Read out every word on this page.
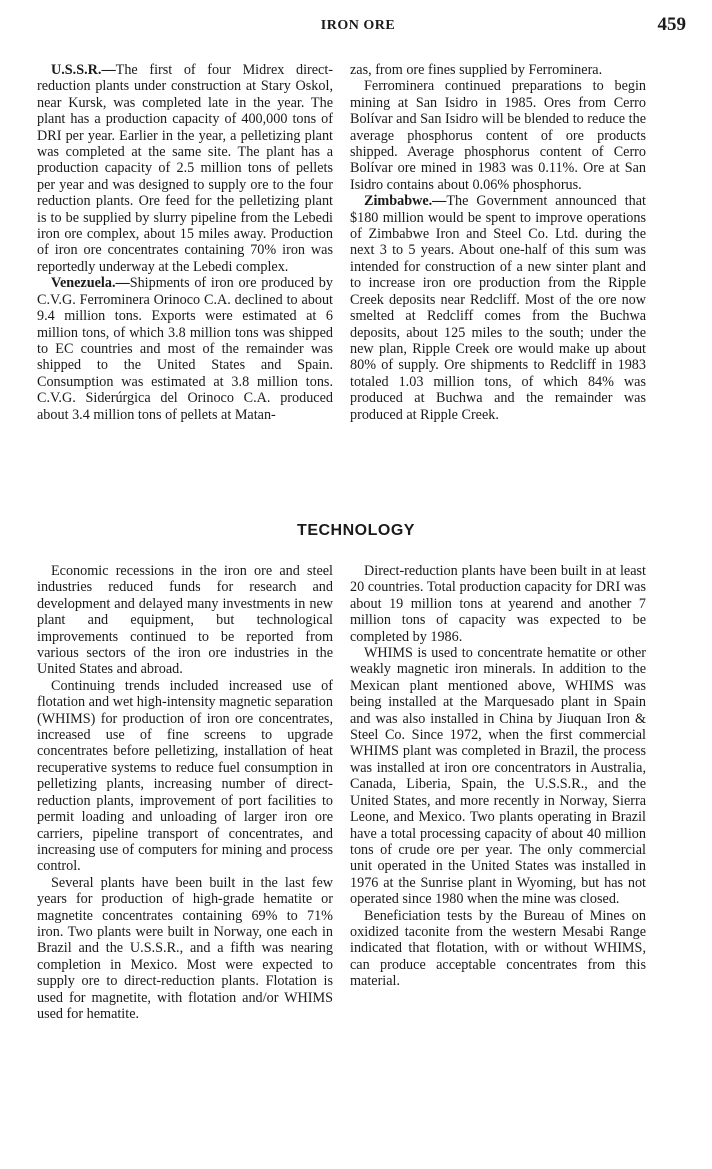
IRON ORE	459

U.S.S.R.—The first of four Midrex direct-reduction plants under construction at Stary Oskol, near Kursk, was completed late in the year. The plant has a production capacity of 400,000 tons of DRI per year. Earlier in the year, a pelletizing plant was completed at the same site. The plant has a production capacity of 2.5 million tons of pellets per year and was designed to supply ore to the four reduction plants. Ore feed for the pelletizing plant is to be supplied by slurry pipeline from the Lebedi iron ore complex, about 15 miles away. Production of iron ore concentrates containing 70% iron was reportedly underway at the Lebedi complex.

Venezuela.—Shipments of iron ore produced by C.V.G. Ferrominera Orinoco C.A. declined to about 9.4 million tons. Exports were estimated at 6 million tons, of which 3.8 million tons was shipped to EC countries and most of the remainder was shipped to the United States and Spain. Consumption was estimated at 3.8 million tons. C.V.G. Siderúrgica del Orinoco C.A. produced about 3.4 million tons of pellets at Matan-

zas, from ore fines supplied by Ferrominera.

Ferrominera continued preparations to begin mining at San Isidro in 1985. Ores from Cerro Bolívar and San Isidro will be blended to reduce the average phosphorus content of ore products shipped. Average phosphorus content of Cerro Bolívar ore mined in 1983 was 0.11%. Ore at San Isidro contains about 0.06% phosphorus.

Zimbabwe.—The Government announced that $180 million would be spent to improve operations of Zimbabwe Iron and Steel Co. Ltd. during the next 3 to 5 years. About one-half of this sum was intended for construction of a new sinter plant and to increase iron ore production from the Ripple Creek deposits near Redcliff. Most of the ore now smelted at Redcliff comes from the Buchwa deposits, about 125 miles to the south; under the new plan, Ripple Creek ore would make up about 80% of supply. Ore shipments to Redcliff in 1983 totaled 1.03 million tons, of which 84% was produced at Buchwa and the remainder was produced at Ripple Creek.

TECHNOLOGY

Economic recessions in the iron ore and steel industries reduced funds for research and development and delayed many investments in new plant and equipment, but technological improvements continued to be reported from various sectors of the iron ore industries in the United States and abroad.

Continuing trends included increased use of flotation and wet high-intensity magnetic separation (WHIMS) for production of iron ore concentrates, increased use of fine screens to upgrade concentrates before pelletizing, installation of heat recuperative systems to reduce fuel consumption in pelletizing plants, increasing number of direct-reduction plants, improvement of port facilities to permit loading and unloading of larger iron ore carriers, pipeline transport of concentrates, and increasing use of computers for mining and process control.

Several plants have been built in the last few years for production of high-grade hematite or magnetite concentrates containing 69% to 71% iron. Two plants were built in Norway, one each in Brazil and the U.S.S.R., and a fifth was nearing completion in Mexico. Most were expected to supply ore to direct-reduction plants. Flotation is used for magnetite, with flotation and/or WHIMS used for hematite.

Direct-reduction plants have been built in at least 20 countries. Total production capacity for DRI was about 19 million tons at yearend and another 7 million tons of capacity was expected to be completed by 1986.

WHIMS is used to concentrate hematite or other weakly magnetic iron minerals. In addition to the Mexican plant mentioned above, WHIMS was being installed at the Marquesado plant in Spain and was also installed in China by Jiuquan Iron & Steel Co. Since 1972, when the first commercial WHIMS plant was completed in Brazil, the process was installed at iron ore concentrators in Australia, Canada, Liberia, Spain, the U.S.S.R., and the United States, and more recently in Norway, Sierra Leone, and Mexico. Two plants operating in Brazil have a total processing capacity of about 40 million tons of crude ore per year. The only commercial unit operated in the United States was installed in 1976 at the Sunrise plant in Wyoming, but has not operated since 1980 when the mine was closed.

Beneficiation tests by the Bureau of Mines on oxidized taconite from the western Mesabi Range indicated that flotation, with or without WHIMS, can produce acceptable concentrates from this material.
